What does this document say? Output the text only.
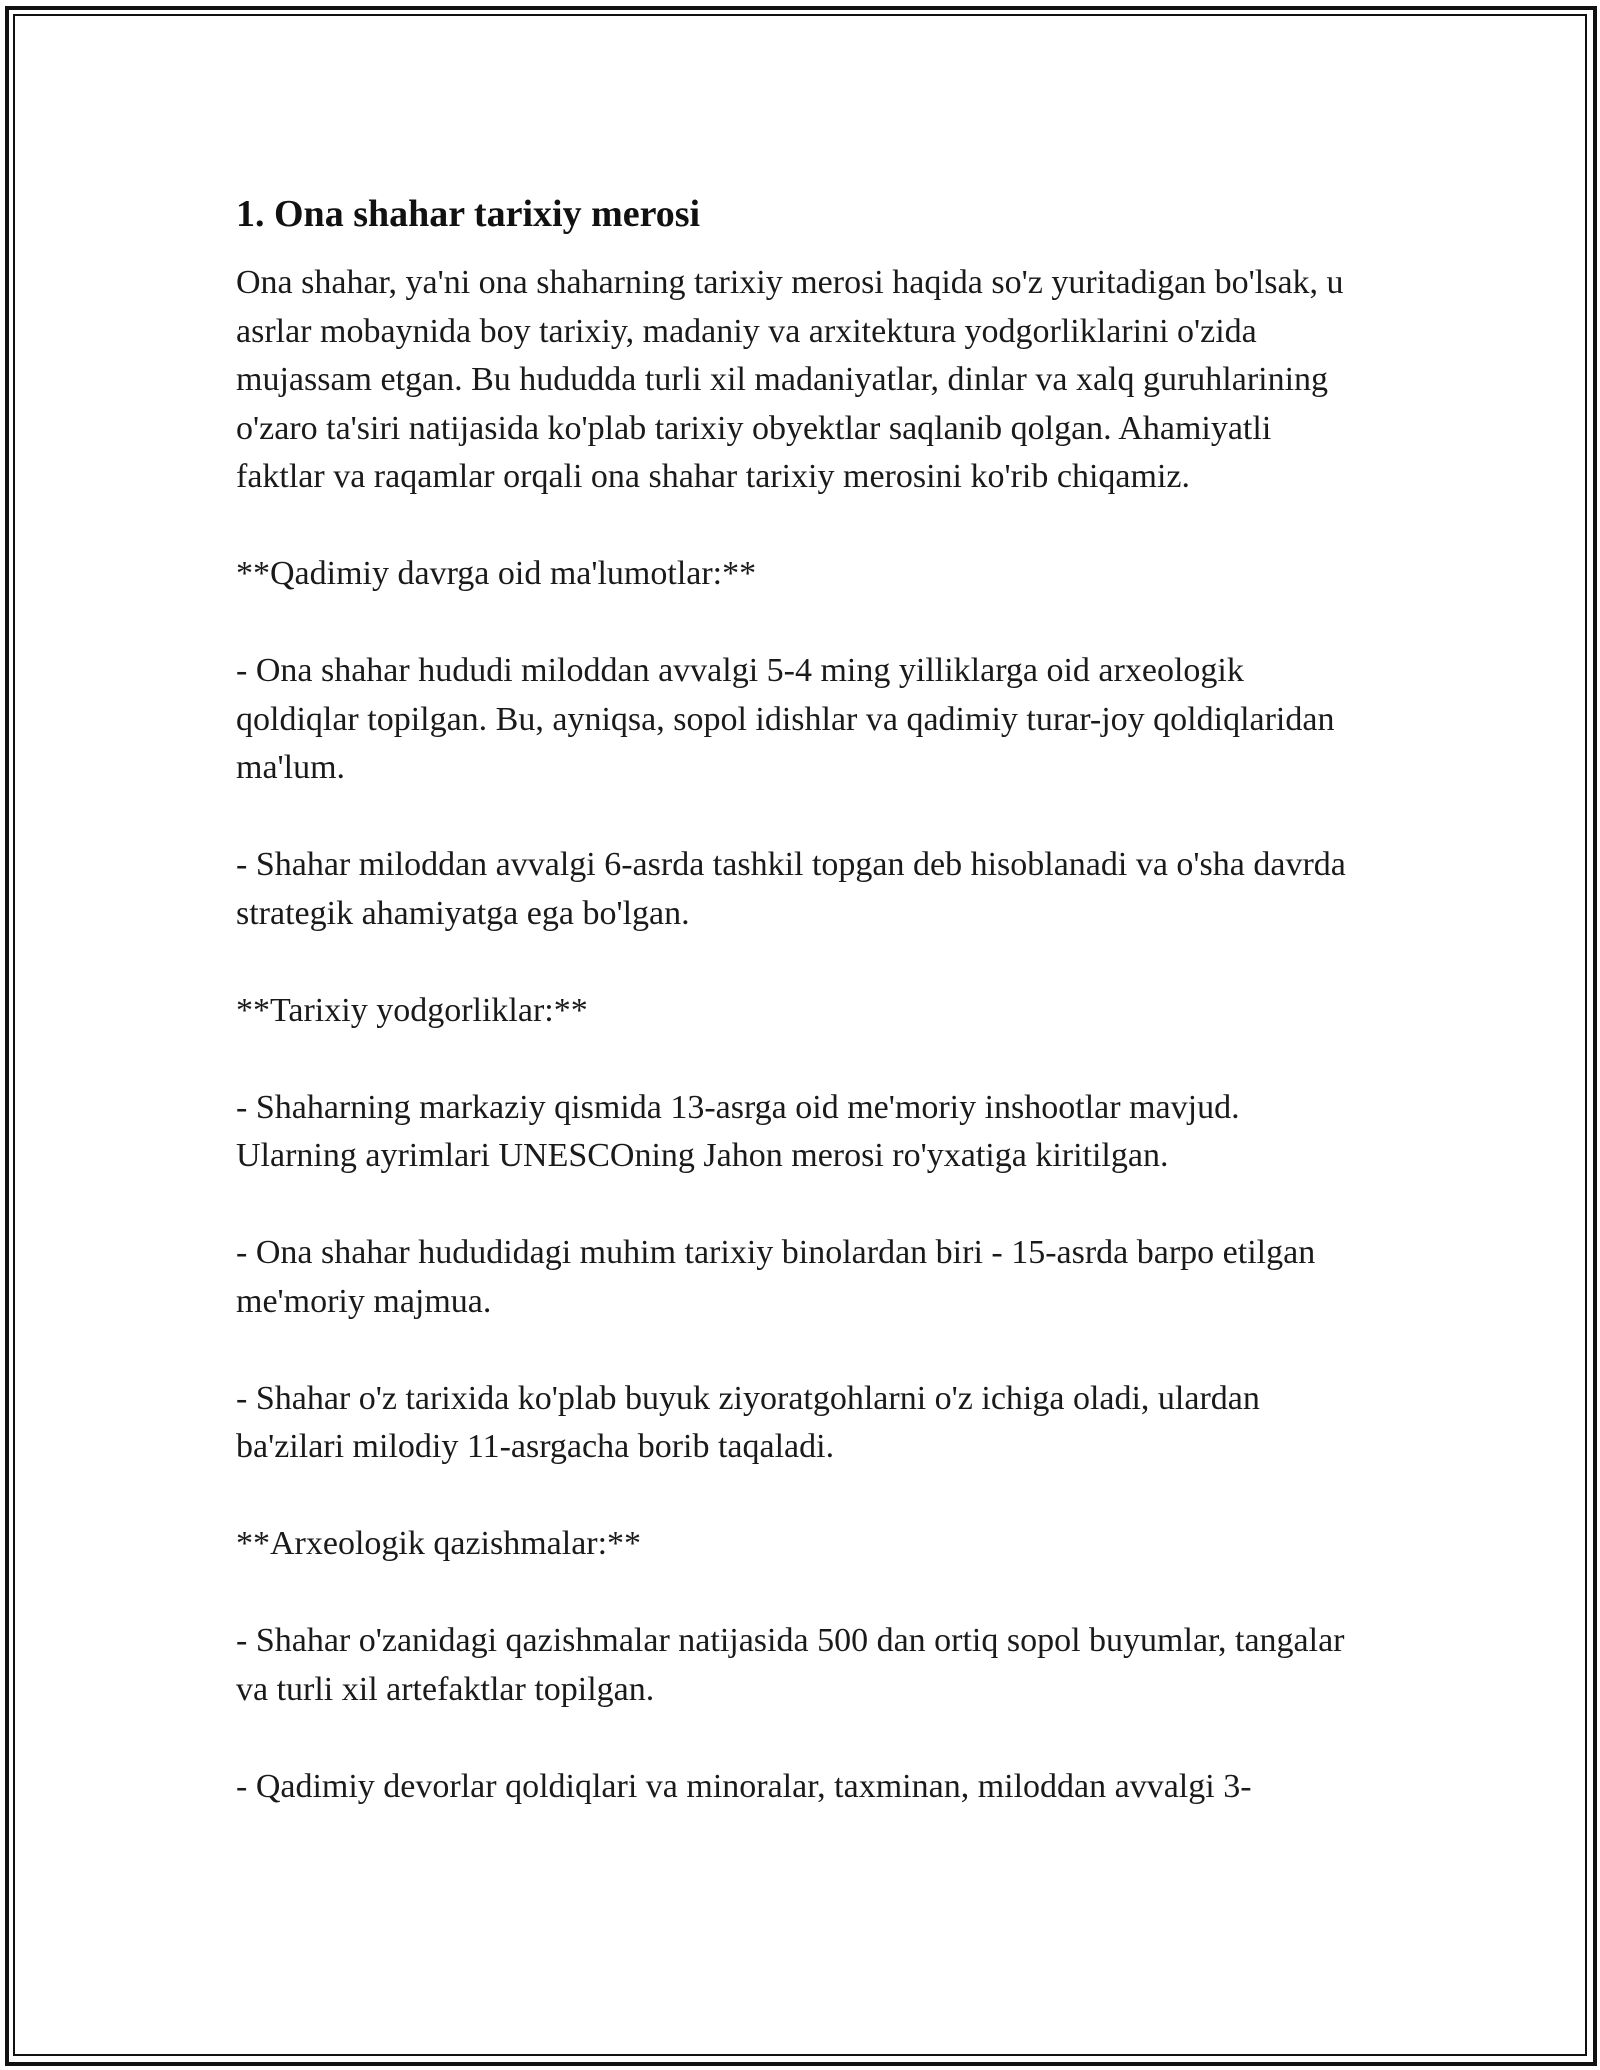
1. Ona shahar tarixiy merosi

Ona shahar, ya'ni ona shaharning tarixiy merosi haqida so'z yuritadigan bo'lsak, u asrlar mobaynida boy tarixiy, madaniy va arxitektura yodgorliklarini o'zida mujassam etgan. Bu hududda turli xil madaniyatlar, dinlar va xalq guruhlarining o'zaro ta'siri natijasida ko'plab tarixiy obyektlar saqlanib qolgan. Ahamiyatli faktlar va raqamlar orqali ona shahar tarixiy merosini ko'rib chiqamiz.

**Qadimiy davrga oid ma'lumotlar:**

- Ona shahar hududi miloddan avvalgi 5-4 ming yilliklarga oid arxeologik qoldiqlar topilgan. Bu, ayniqsa, sopol idishlar va qadimiy turar-joy qoldiqlaridan ma'lum.

- Shahar miloddan avvalgi 6-asrda tashkil topgan deb hisoblanadi va o'sha davrda strategik ahamiyatga ega bo'lgan.

**Tarixiy yodgorliklar:**

- Shaharning markaziy qismida 13-asrga oid me'moriy inshootlar mavjud. Ularning ayrimlari UNESCOning Jahon merosi ro'yxatiga kiritilgan.

- Ona shahar hududidagi muhim tarixiy binolardan biri - 15-asrda barpo etilgan me'moriy majmua.

- Shahar o'z tarixida ko'plab buyuk ziyoratgohlarni o'z ichiga oladi, ulardan ba'zilari milodiy 11-asrgacha borib taqaladi.

**Arxeologik qazishmalar:**

- Shahar o'zanidagi qazishmalar natijasida 500 dan ortiq sopol buyumlar, tangalar va turli xil artefaktlar topilgan.

- Qadimiy devorlar qoldiqlari va minoralar, taxminan, miloddan avvalgi 3-
